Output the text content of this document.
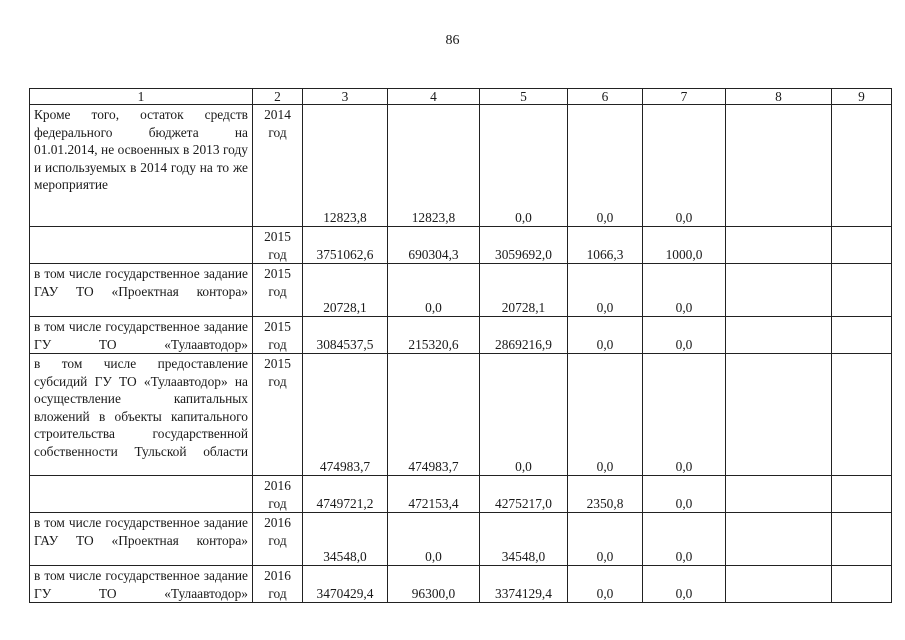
86
1	2	3	4	5	6	7	8	9
Кроме того, остаток средств федерального бюджета на 01.01.2014, не освоенных в 2013 году и используемых в 2014 году на то же мероприятие	2014 год	12823,8	12823,8	0,0	0,0	0,0		
	2015 год	3751062,6	690304,3	3059692,0	1066,3	1000,0		
в том числе государственное задание ГАУ ТО «Проектная контора»	2015 год	20728,1	0,0	20728,1	0,0	0,0		
в том числе государственное задание ГУ ТО «Тулаавтодор»	2015 год	3084537,5	215320,6	2869216,9	0,0	0,0		
в том числе предоставление субсидий ГУ ТО «Тулаавтодор» на осуществление капитальных вложений в объекты капитального строительства государственной собственности Тульской области	2015 год	474983,7	474983,7	0,0	0,0	0,0		
	2016 год	4749721,2	472153,4	4275217,0	2350,8	0,0		
в том числе государственное задание ГАУ ТО «Проектная контора»	2016 год	34548,0	0,0	34548,0	0,0	0,0		
в том числе государственное задание ГУ ТО «Тулаавтодор»	2016 год	3470429,4	96300,0	3374129,4	0,0	0,0		
